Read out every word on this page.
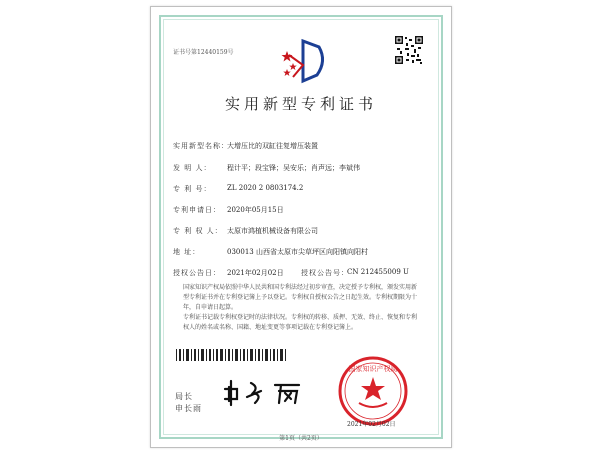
证书号第12440159号
实用新型专利证书
实用新型名称：
大增压比的双缸往复增压装置
发 明 人： 程计平；段宝锋；吴安乐；肖声远；李斌伟
专 利 号： ZL 2020 2 0803174.2
专利申请日： 2020年05月15日
专 利 权 人： 太原市鸿植机械设备有限公司
地 址：	030013 山西省太原市尖草坪区向阳镇向阳村
授权公告日： 2021年02月02日 授权公告号：
CN 212455009 U
国家知识产权局依照中华人民共和国专利法经过初步审查，决定授予专利权，颁发实用新型专利证书并在专利登记簿上予以登记。专利权自授权公告之日起生效。专利权期限为十年，自申请日起算。
专利证书记载专利权登记时的法律状况。专利权的转移、质押、无效、终止、恢复和专利权人的姓名或名称、国籍、地址变更等事项记载在专利登记簿上。
局长
申长雨
国家知识产权局
2021年02月02日
第1页（共2页）
